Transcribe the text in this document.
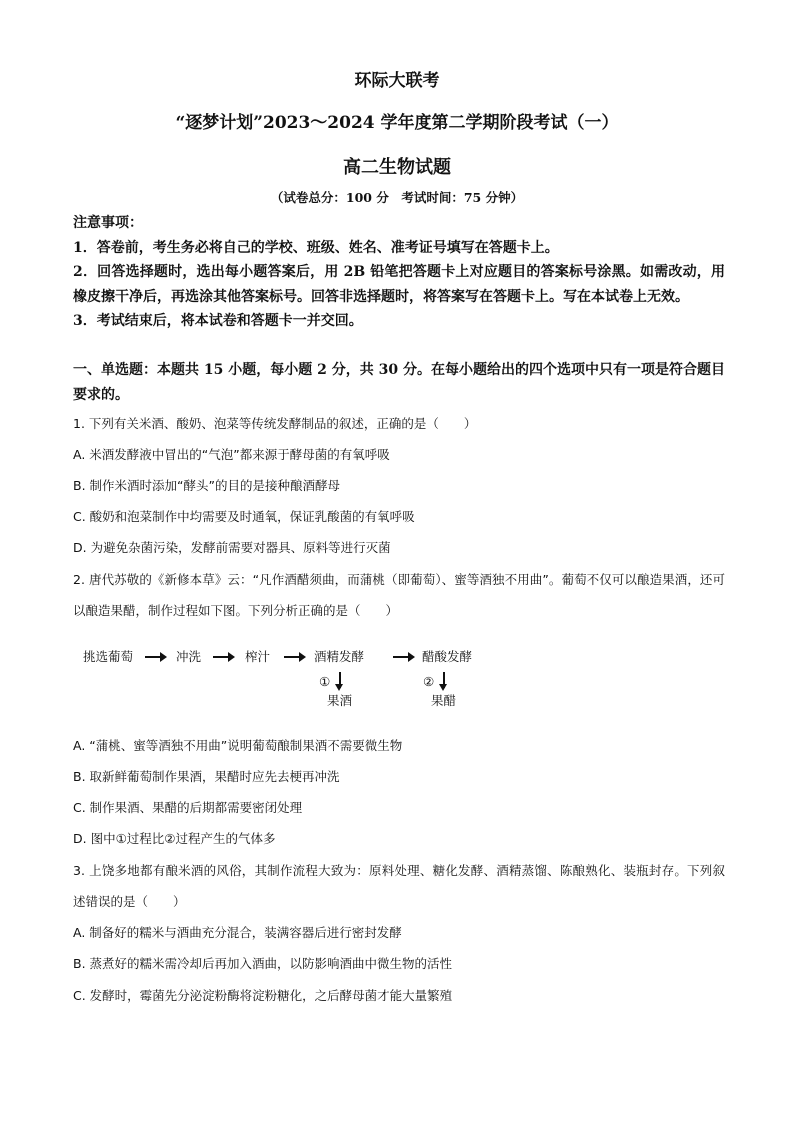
环际大联考
“逐梦计划”2023～2024 学年度第二学期阶段考试（一）
高二生物试题
（试卷总分：100 分　考试时间：75 分钟）

注意事项：

1．答卷前，考生务必将自己的学校、班级、姓名、准考证号填写在答题卡上。

2．回答选择题时，选出每小题答案后，用 2B 铅笔把答题卡上对应题目的答案标号涂黑。如需改动，用橡皮擦干净后，再选涂其他答案标号。回答非选择题时，将答案写在答题卡上。写在本试卷上无效。

3．考试结束后，将本试卷和答题卡一并交回。

一、单选题：本题共 15 小题，每小题 2 分，共 30 分。在每小题给出的四个选项中只有一项是符合题目要求的。
1. 下列有关米酒、酸奶、泡菜等传统发酵制品的叙述，正确的是（　　）
A. 米酒发酵液中冒出的“气泡”都来源于酵母菌的有氧呼吸
B. 制作米酒时添加“酵头”的目的是接种酿酒酵母
C. 酸奶和泡菜制作中均需要及时通氧，保证乳酸菌的有氧呼吸
D. 为避免杂菌污染，发酵前需要对器具、原料等进行灭菌
2. 唐代苏敬的《新修本草》云：“凡作酒醋须曲，而蒲桃（即葡萄）、蜜等酒独不用曲”。葡萄不仅可以酿造果酒，还可以酿造果醋，制作过程如下图。下列分析正确的是（　　）
挑选葡萄	冲洗	榨汁	酒精发酵	醋酸发酵
①
果酒
②
果醋
A. “蒲桃、蜜等酒独不用曲”说明葡萄酿制果酒不需要微生物
B. 取新鲜葡萄制作果酒，果醋时应先去梗再冲洗
C. 制作果酒、果醋的后期都需要密闭处理
D. 图中①过程比②过程产生的气体多
3. 上饶多地都有酿米酒的风俗，其制作流程大致为：原料处理、糖化发酵、酒精蒸馏、陈酿熟化、装瓶封存。下列叙述错误的是（　　）
A. 制备好的糯米与酒曲充分混合，装满容器后进行密封发酵
B. 蒸煮好的糯米需冷却后再加入酒曲，以防影响酒曲中微生物的活性
C. 发酵时，霉菌先分泌淀粉酶将淀粉糖化，之后酵母菌才能大量繁殖
